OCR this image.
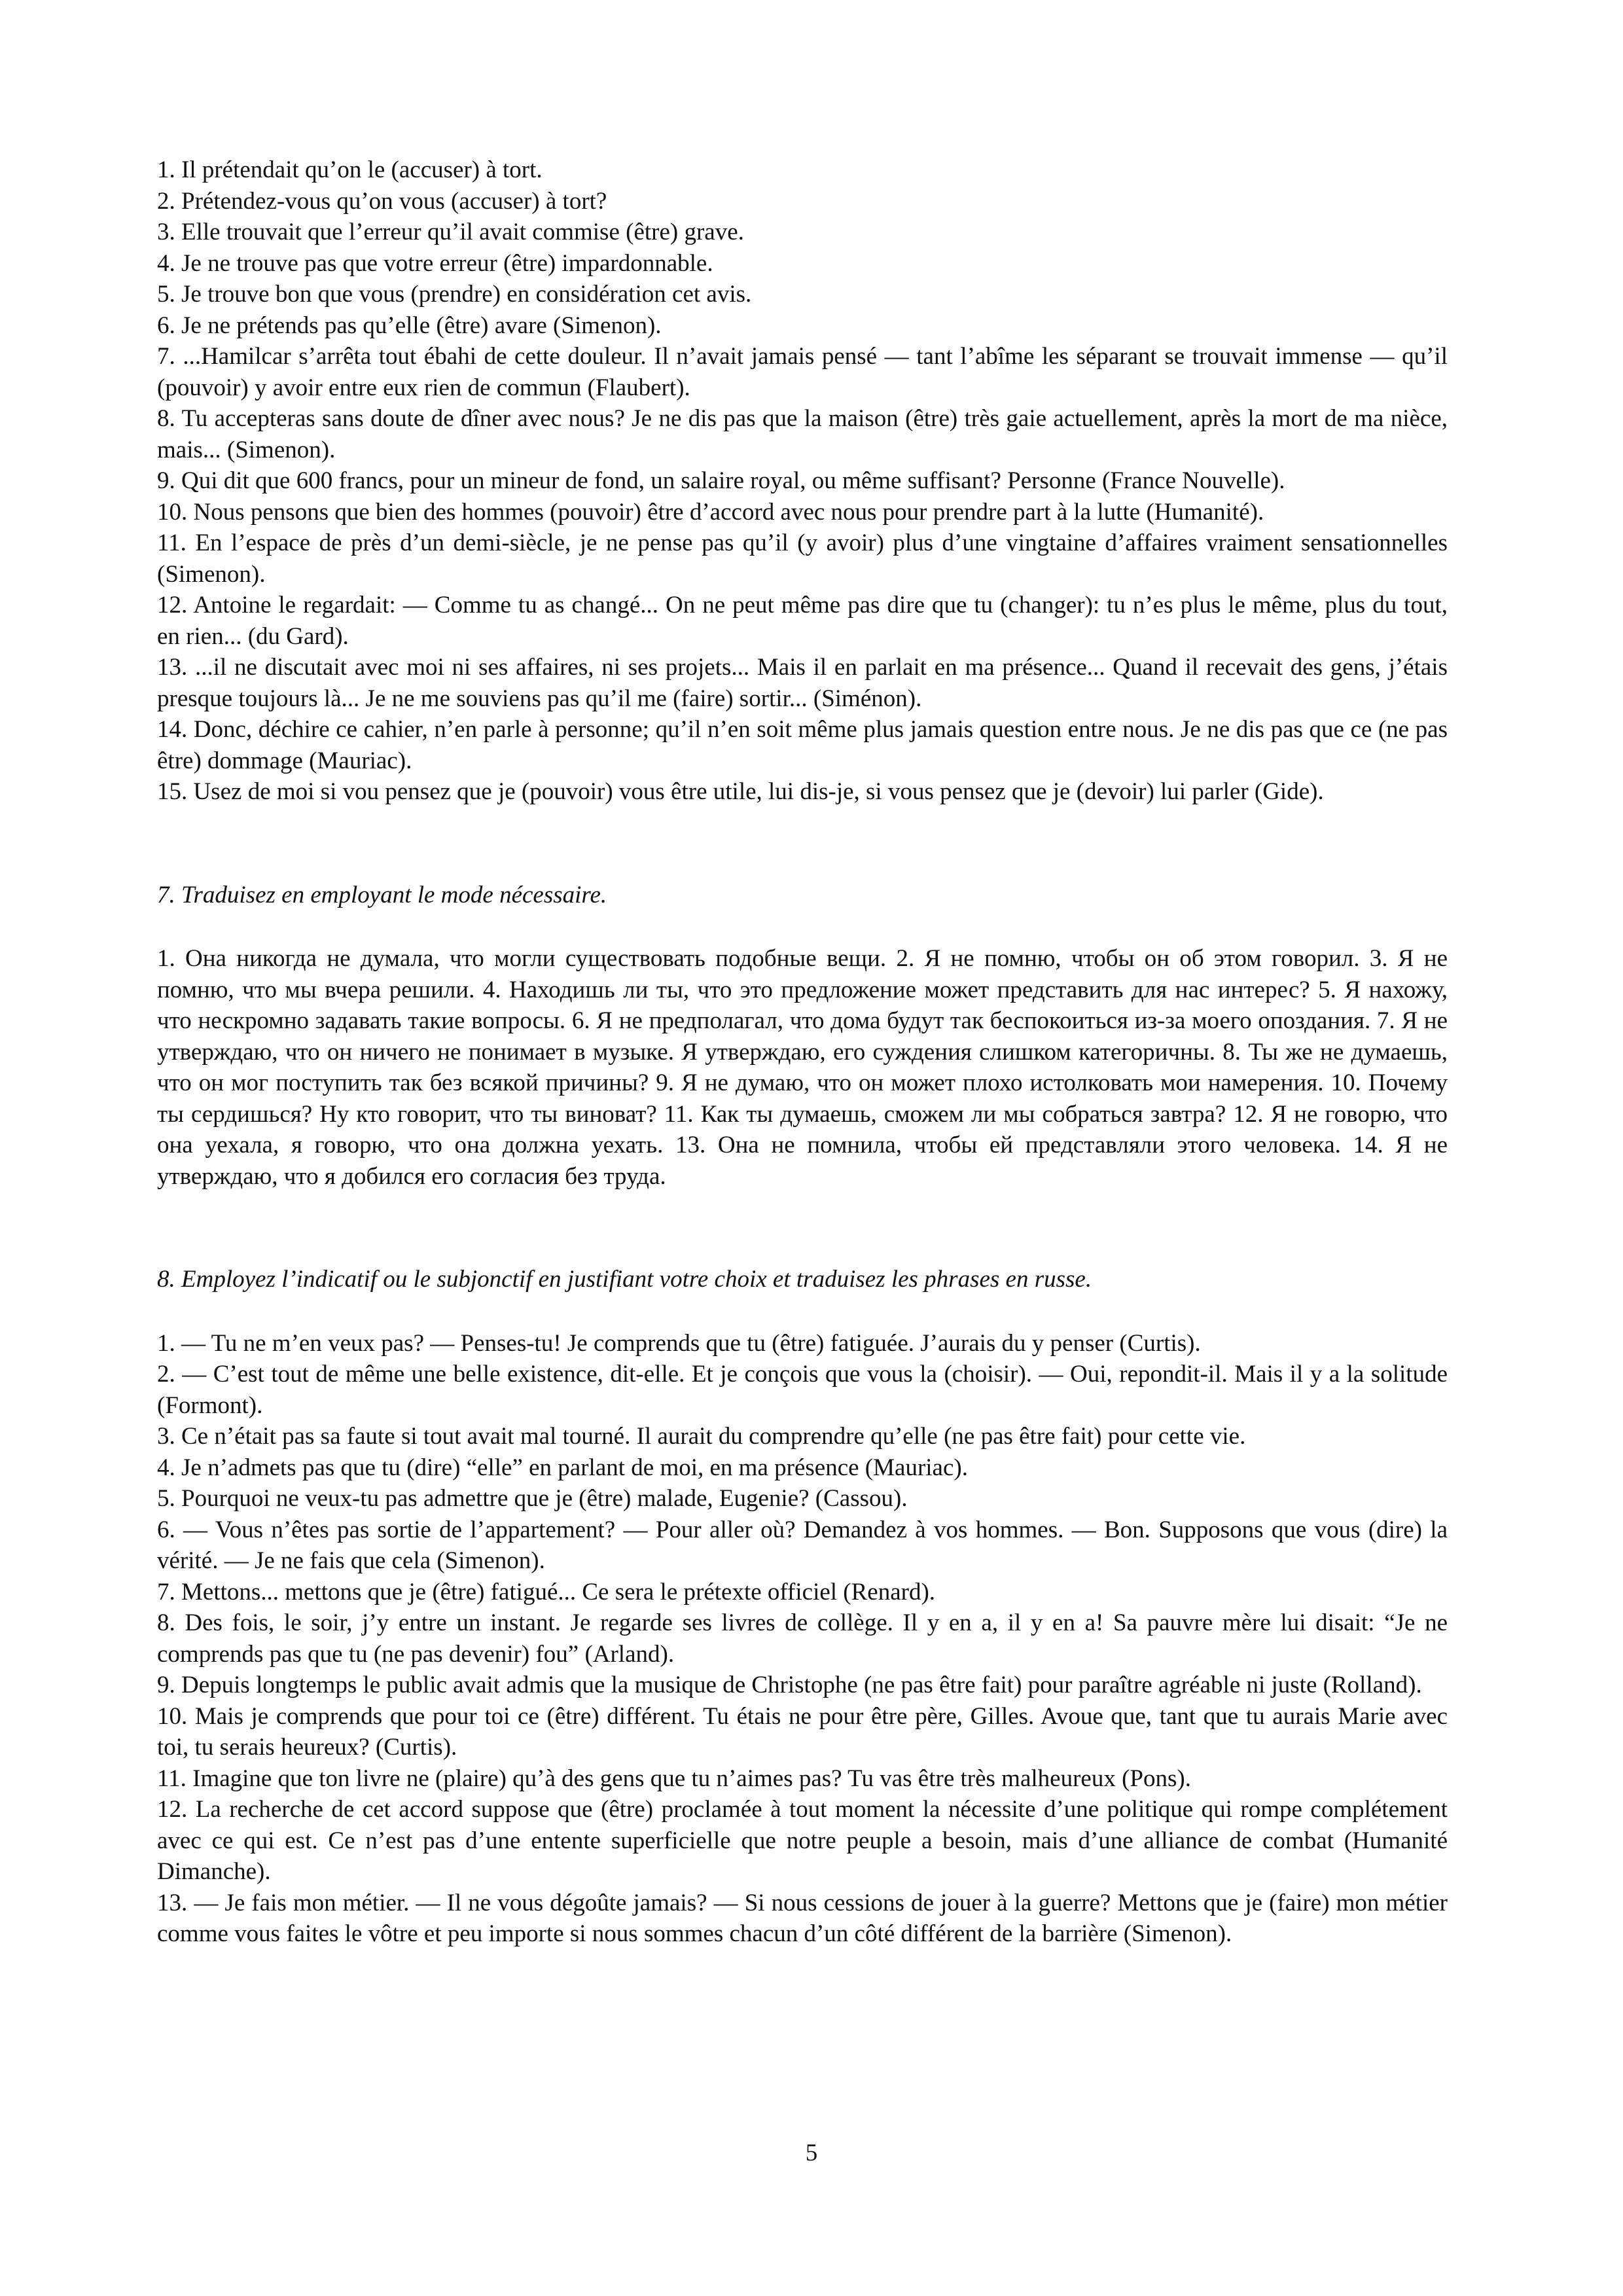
1. Il prétendait qu’on le (accuser) à tort.

2. Prétendez-vous qu’on vous (accuser) à tort?

3. Elle trouvait que l’erreur qu’il avait commise (être) grave.

4. Je ne trouve pas que votre erreur (être) impardonnable.

5. Je trouve bon que vous (prendre) en considération cet avis.

6. Je ne prétends pas qu’elle (être) avare (Simenon).

7. ...Hamilcar s’arrêta tout ébahi de cette douleur. Il n’avait jamais pensé — tant l’abîme les séparant se trouvait immense — qu’il (pouvoir) y avoir entre eux rien de commun (Flaubert).

8. Tu accepteras sans doute de dîner avec nous? Je ne dis pas que la maison (être) très gaie actuellement, après la mort de ma nièce, mais... (Simenon).

9. Qui dit que 600 francs, pour un mineur de fond, un salaire royal, ou même suffisant? Personne (France Nouvelle).

10. Nous pensons que bien des hommes (pouvoir) être d’accord avec nous pour prendre part à la lutte (Humanité).

11. En l’espace de près d’un demi-siècle, je ne pense pas qu’il (y avoir) plus d’une vingtaine d’affaires vraiment sensationnelles (Simenon).

12. Antoine le regardait: — Comme tu as changé... On ne peut même pas dire que tu (changer): tu n’es plus le même, plus du tout, en rien... (du Gard).

13. ...il ne discutait avec moi ni ses affaires, ni ses projets... Mais il en parlait en ma présence... Quand il recevait des gens, j’étais presque toujours là... Je ne me souviens pas qu’il me (faire) sortir... (Siménon).

14. Donc, déchire ce cahier, n’en parle à personne; qu’il n’en soit même plus jamais question entre nous. Je ne dis pas que ce (ne pas être) dommage (Mauriac).

15. Usez de moi si vou pensez que je (pouvoir) vous être utile, lui dis-je, si vous pensez que je (devoir) lui parler (Gide).

7. Traduisez en employant le mode nécessaire.

1. Она никогда не думала, что могли существовать подобные вещи. 2. Я не помню, чтобы он об этом говорил. 3. Я не помню, что мы вчера решили. 4. Находишь ли ты, что это предложение может представить для нас интерес? 5. Я нахожу, что нескромно задавать такие вопросы. 6. Я не предполагал, что дома будут так беспокоиться из-за моего опоздания. 7. Я не утверждаю, что он ничего не понимает в музыке. Я утверждаю, его суждения слишком категоричны. 8. Ты же не думаешь, что он мог поступить так без всякой причины? 9. Я не думаю, что он может плохо истолковать мои намерения. 10. Почему ты сердишься? Ну кто говорит, что ты виноват? 11. Как ты думаешь, сможем ли мы собраться завтра? 12. Я не говорю, что она уехала, я говорю, что она должна уехать. 13. Она не помнила, чтобы ей представляли этого человека. 14. Я не утверждаю, что я добился его согласия без труда.

8. Employez l’indicatif ou le subjonctif en justifiant votre choix et traduisez les phrases en russe.

1. — Tu ne m’en veux pas? — Penses-tu! Je comprends que tu (être) fatiguée. J’aurais du y penser (Curtis).

2. — C’est tout de même une belle existence, dit-elle. Et je conçois que vous la (choisir). — Oui, repondit-il. Mais il y a la solitude (Formont).

3. Ce n’était pas sa faute si tout avait mal tourné. Il aurait du comprendre qu’elle (ne pas être fait) pour cette vie.

4. Je n’admets pas que tu (dire) “elle” en parlant de moi, en ma présence (Mauriac).

5. Pourquoi ne veux-tu pas admettre que je (être) malade, Eugenie? (Cassou).

6. — Vous n’êtes pas sortie de l’appartement? — Pour aller où? Demandez à vos hommes. — Bon. Supposons que vous (dire) la vérité. — Je ne fais que cela (Simenon).

7. Mettons... mettons que je (être) fatigué... Ce sera le prétexte officiel (Renard).

8. Des fois, le soir, j’y entre un instant. Je regarde ses livres de collège. Il y en a, il y en a! Sa pauvre mère lui disait: “Je ne comprends pas que tu (ne pas devenir) fou” (Arland).

9. Depuis longtemps le public avait admis que la musique de Christophe (ne pas être fait) pour paraître agréable ni juste (Rolland).

10. Mais je comprends que pour toi ce (être) différent. Tu étais ne pour être père, Gilles. Avoue que, tant que tu aurais Marie avec toi, tu serais heureux? (Curtis).

11. Imagine que ton livre ne (plaire) qu’à des gens que tu n’aimes pas? Tu vas être très malheureux (Pons).

12. La recherche de cet accord suppose que (être) proclamée à tout moment la nécessite d’une politique qui rompe complétement avec ce qui est. Ce n’est pas d’une entente superficielle que notre peuple a besoin, mais d’une alliance de combat (Humanité Dimanche).

13. — Je fais mon métier. — Il ne vous dégoûte jamais? — Si nous cessions de jouer à la guerre? Mettons que je (faire) mon métier comme vous faites le vôtre et peu importe si nous sommes chacun d’un côté différent de la barrière (Simenon).

5
